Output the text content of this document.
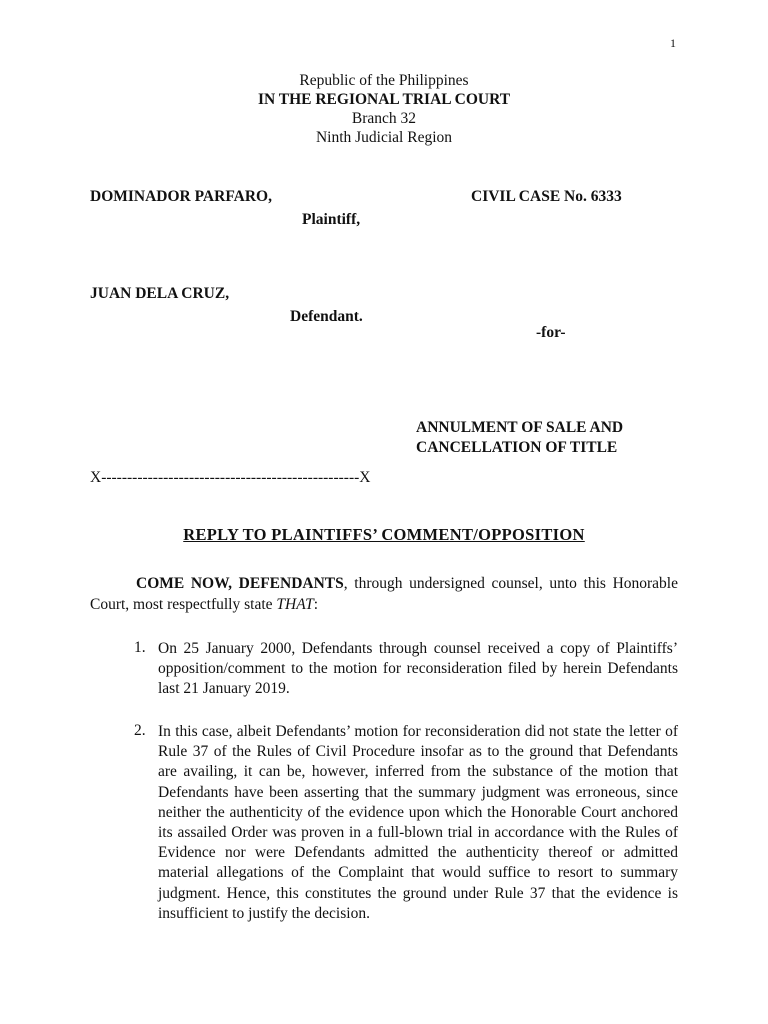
1
Republic of the Philippines
IN THE REGIONAL TRIAL COURT
Branch 32
Ninth Judicial Region
DOMINADOR PARFARO,
Plaintiff,
CIVIL CASE No. 6333
JUAN DELA CRUZ,
Defendant.
-for-
ANNULMENT OF SALE AND
CANCELLATION OF TITLE
X--------------------------------------------------X
REPLY TO PLAINTIFFS’ COMMENT/OPPOSITION
COME NOW, DEFENDANTS, through undersigned counsel, unto this Honorable Court, most respectfully state THAT:
1. On 25 January 2000, Defendants through counsel received a copy of Plaintiffs’ opposition/comment to the motion for reconsideration filed by herein Defendants last 21 January 2019.
2. In this case, albeit Defendants’ motion for reconsideration did not state the letter of Rule 37 of the Rules of Civil Procedure insofar as to the ground that Defendants are availing, it can be, however, inferred from the substance of the motion that Defendants have been asserting that the summary judgment was erroneous, since neither the authenticity of the evidence upon which the Honorable Court anchored its assailed Order was proven in a full-blown trial in accordance with the Rules of Evidence nor were Defendants admitted the authenticity thereof or admitted material allegations of the Complaint that would suffice to resort to summary judgment. Hence, this constitutes the ground under Rule 37 that the evidence is insufficient to justify the decision.
